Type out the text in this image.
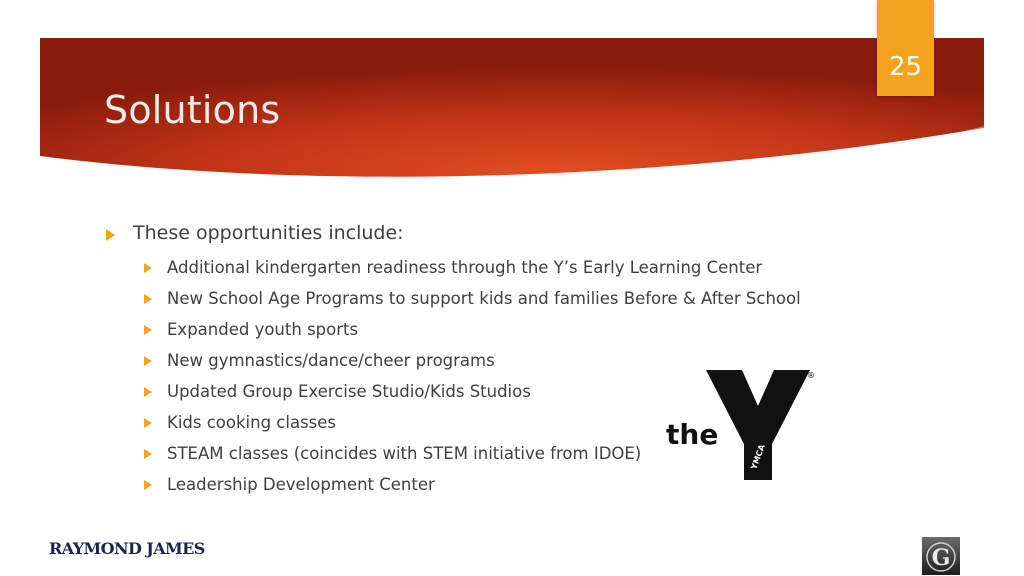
Solutions
25
These opportunities include:
Additional kindergarten readiness through the Y’s Early Learning Center
New School Age Programs to support kids and families Before & After School
Expanded youth sports
New gymnastics/dance/cheer programs
Updated Group Exercise Studio/Kids Studios
Kids cooking classes
STEAM classes (coincides with STEM initiative from IDOE)
Leadership Development Center
the
YMCA
®
RAYMOND JAMES	G
